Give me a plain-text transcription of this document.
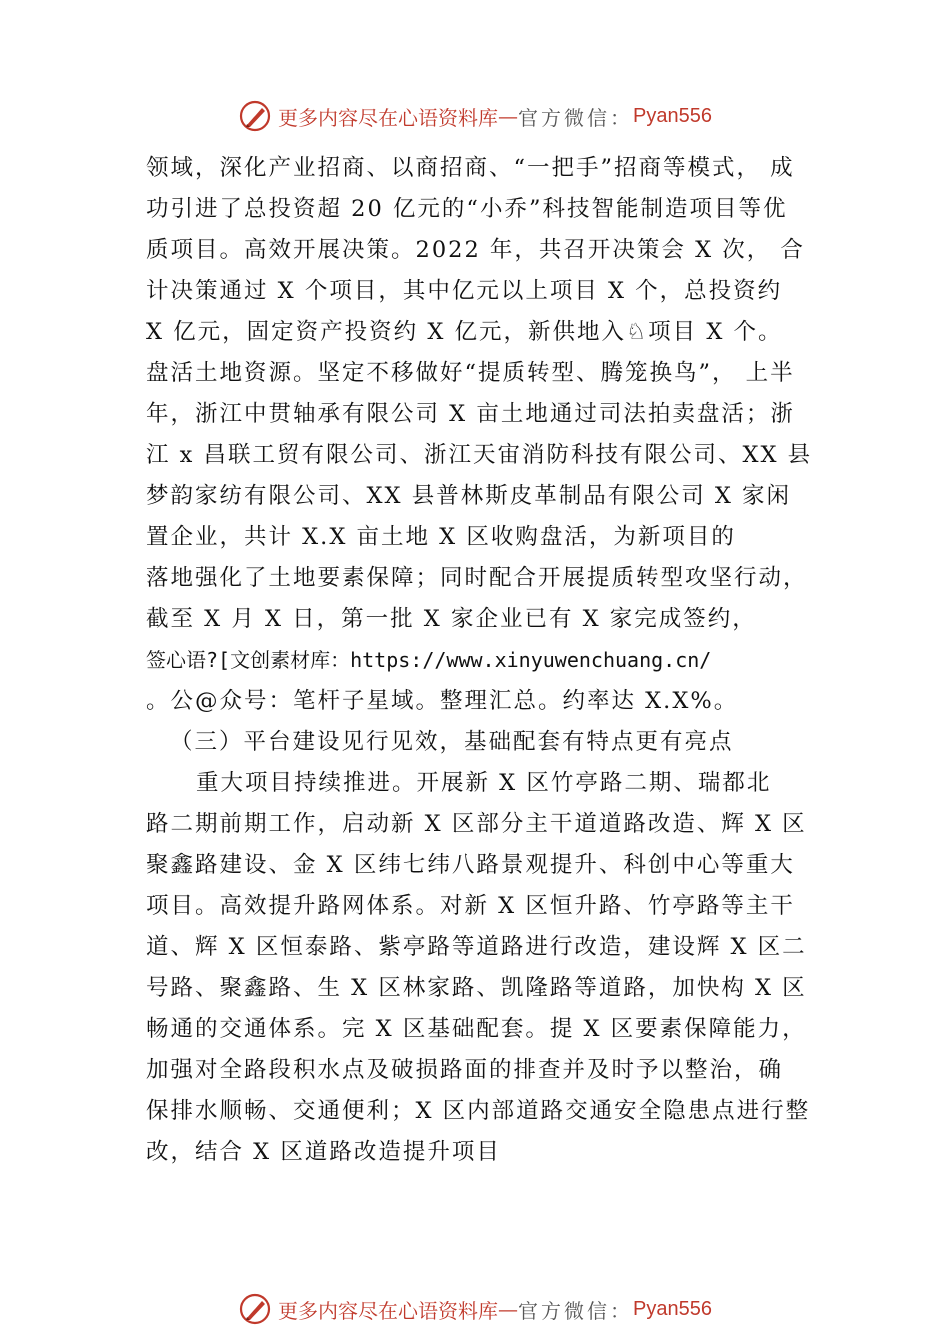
更多内容尽在心语资料库 — 官方微信： Pyan556
领域，深化产业招商、以商招商、“一把手”招商等模式， 成
功引进了总投资超 20 亿元的“小乔”科技智能制造项目等优
质项目。高效开展决策。2022 年，共召开决策会 X 次， 合
计决策通过 X 个项目，其中亿元以上项目 X 个，总投资约
X 亿元，固定资产投资约 X 亿元，新供地入♘项目 X 个。
盘活土地资源。坚定不移做好“提质转型、腾笼换鸟”， 上半
年，浙江中贯轴承有限公司 X 亩土地通过司法拍卖盘活；浙
江 x 昌联工贸有限公司、浙江天宙消防科技有限公司、XX 县
梦韵家纺有限公司、XX 县普林斯皮革制品有限公司 X 家闲
置企业，共计 X.X 亩土地 X 区收购盘活，为新项目的
落地强化了土地要素保障；同时配合开展提质转型攻坚行动，
截至 X 月 X 日，第一批 X 家企业已有 X 家完成签约，
签心语?[文创素材库：https://www.xinyuwenchuang.cn/
。公@众号：笔杆子星域。整理汇总。约率达 X.X%。
（三）平台建设见行见效，基础配套有特点更有亮点
重大项目持续推进。开展新 X 区竹亭路二期、瑞都北
路二期前期工作，启动新 X 区部分主干道道路改造、辉 X 区
聚鑫路建设、金 X 区纬七纬八路景观提升、科创中心等重大
项目。高效提升路网体系。对新 X 区恒升路、竹亭路等主干
道、辉 X 区恒泰路、紫亭路等道路进行改造，建设辉 X 区二
号路、聚鑫路、生 X 区林家路、凯隆路等道路，加快构 X 区
畅通的交通体系。完 X 区基础配套。提 X 区要素保障能力，
加强对全路段积水点及破损路面的排查并及时予以整治，确
保排水顺畅、交通便利；X 区内部道路交通安全隐患点进行整
改，结合 X 区道路改造提升项目
更多内容尽在心语资料库 — 官方微信： Pyan556
